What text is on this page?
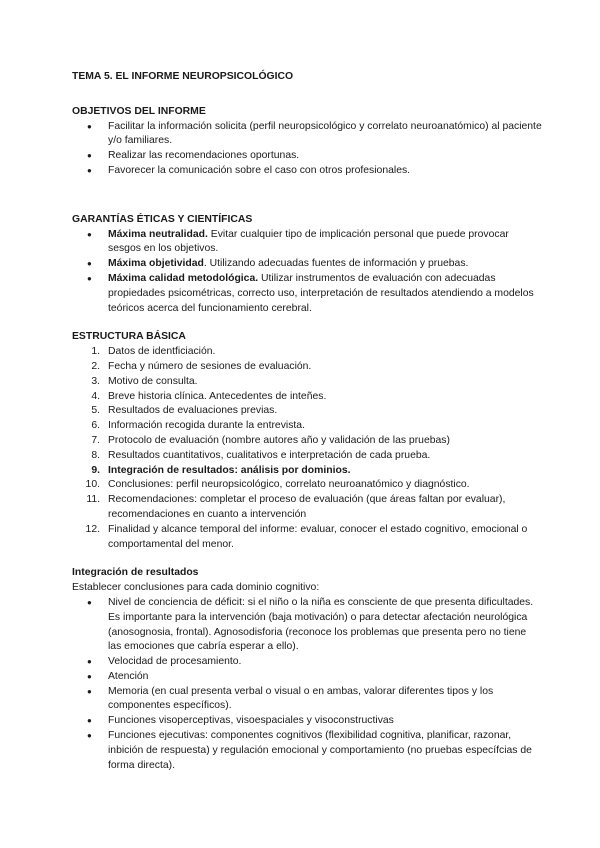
TEMA 5. EL INFORME NEUROPSICOLÓGICO

OBJETIVOS DEL INFORME

● Facilitar la información solicita (perfil neuropsicológico y correlato neuroanatómico) al paciente y/o familiares.
● Realizar las recomendaciones oportunas.
● Favorecer la comunicación sobre el caso con otros profesionales.

GARANTÍAS ÉTICAS Y CIENTÍFICAS

● Máxima neutralidad. Evitar cualquier tipo de implicación personal que puede provocar sesgos en los objetivos.
● Máxima objetividad. Utilizando adecuadas fuentes de información y pruebas.
● Máxima calidad metodológica. Utilizar instrumentos de evaluación con adecuadas propiedades psicométricas, correcto uso, interpretación de resultados atendiendo a modelos teóricos acerca del funcionamiento cerebral.

ESTRUCTURA BÁSICA

1. Datos de identficiación.
2. Fecha y número de sesiones de evaluación.
3. Motivo de consulta.
4. Breve historia clínica. Antecedentes de inteñes.
5. Resultados de evaluaciones previas.
6. Información recogida durante la entrevista.
7. Protocolo de evaluación (nombre autores año y validación de las pruebas)
8. Resultados cuantitativos, cualitativos e interpretación de cada prueba.
9. Integración de resultados: análisis por dominios.
10. Conclusiones: perfil neuropsicológico, correlato neuroanatómico y diagnóstico.
11. Recomendaciones: completar el proceso de evaluación (que áreas faltan por evaluar), recomendaciones en cuanto a intervención
12. Finalidad y alcance temporal del informe: evaluar, conocer el estado cognitivo, emocional o comportamental del menor.

Integración de resultados

Establecer conclusiones para cada dominio cognitivo:

● Nivel de conciencia de déficit: si el niño o la niña es consciente de que presenta dificultades. Es importante para la intervención (baja motivación) o para detectar afectación neurológica (anosognosia, frontal). Agnosodisforia (reconoce los problemas que presenta pero no tiene las emociones que cabría esperar a ello).
● Velocidad de procesamiento.
● Atención
● Memoria (en cual presenta verbal o visual o en ambas, valorar diferentes tipos y los componentes específicos).
● Funciones visoperceptivas, visoespaciales y visoconstructivas
● Funciones ejecutivas: componentes cognitivos (flexibilidad cognitiva, planificar, razonar, inbición de respuesta) y regulación emocional y comportamiento (no pruebas específcias de forma directa).
